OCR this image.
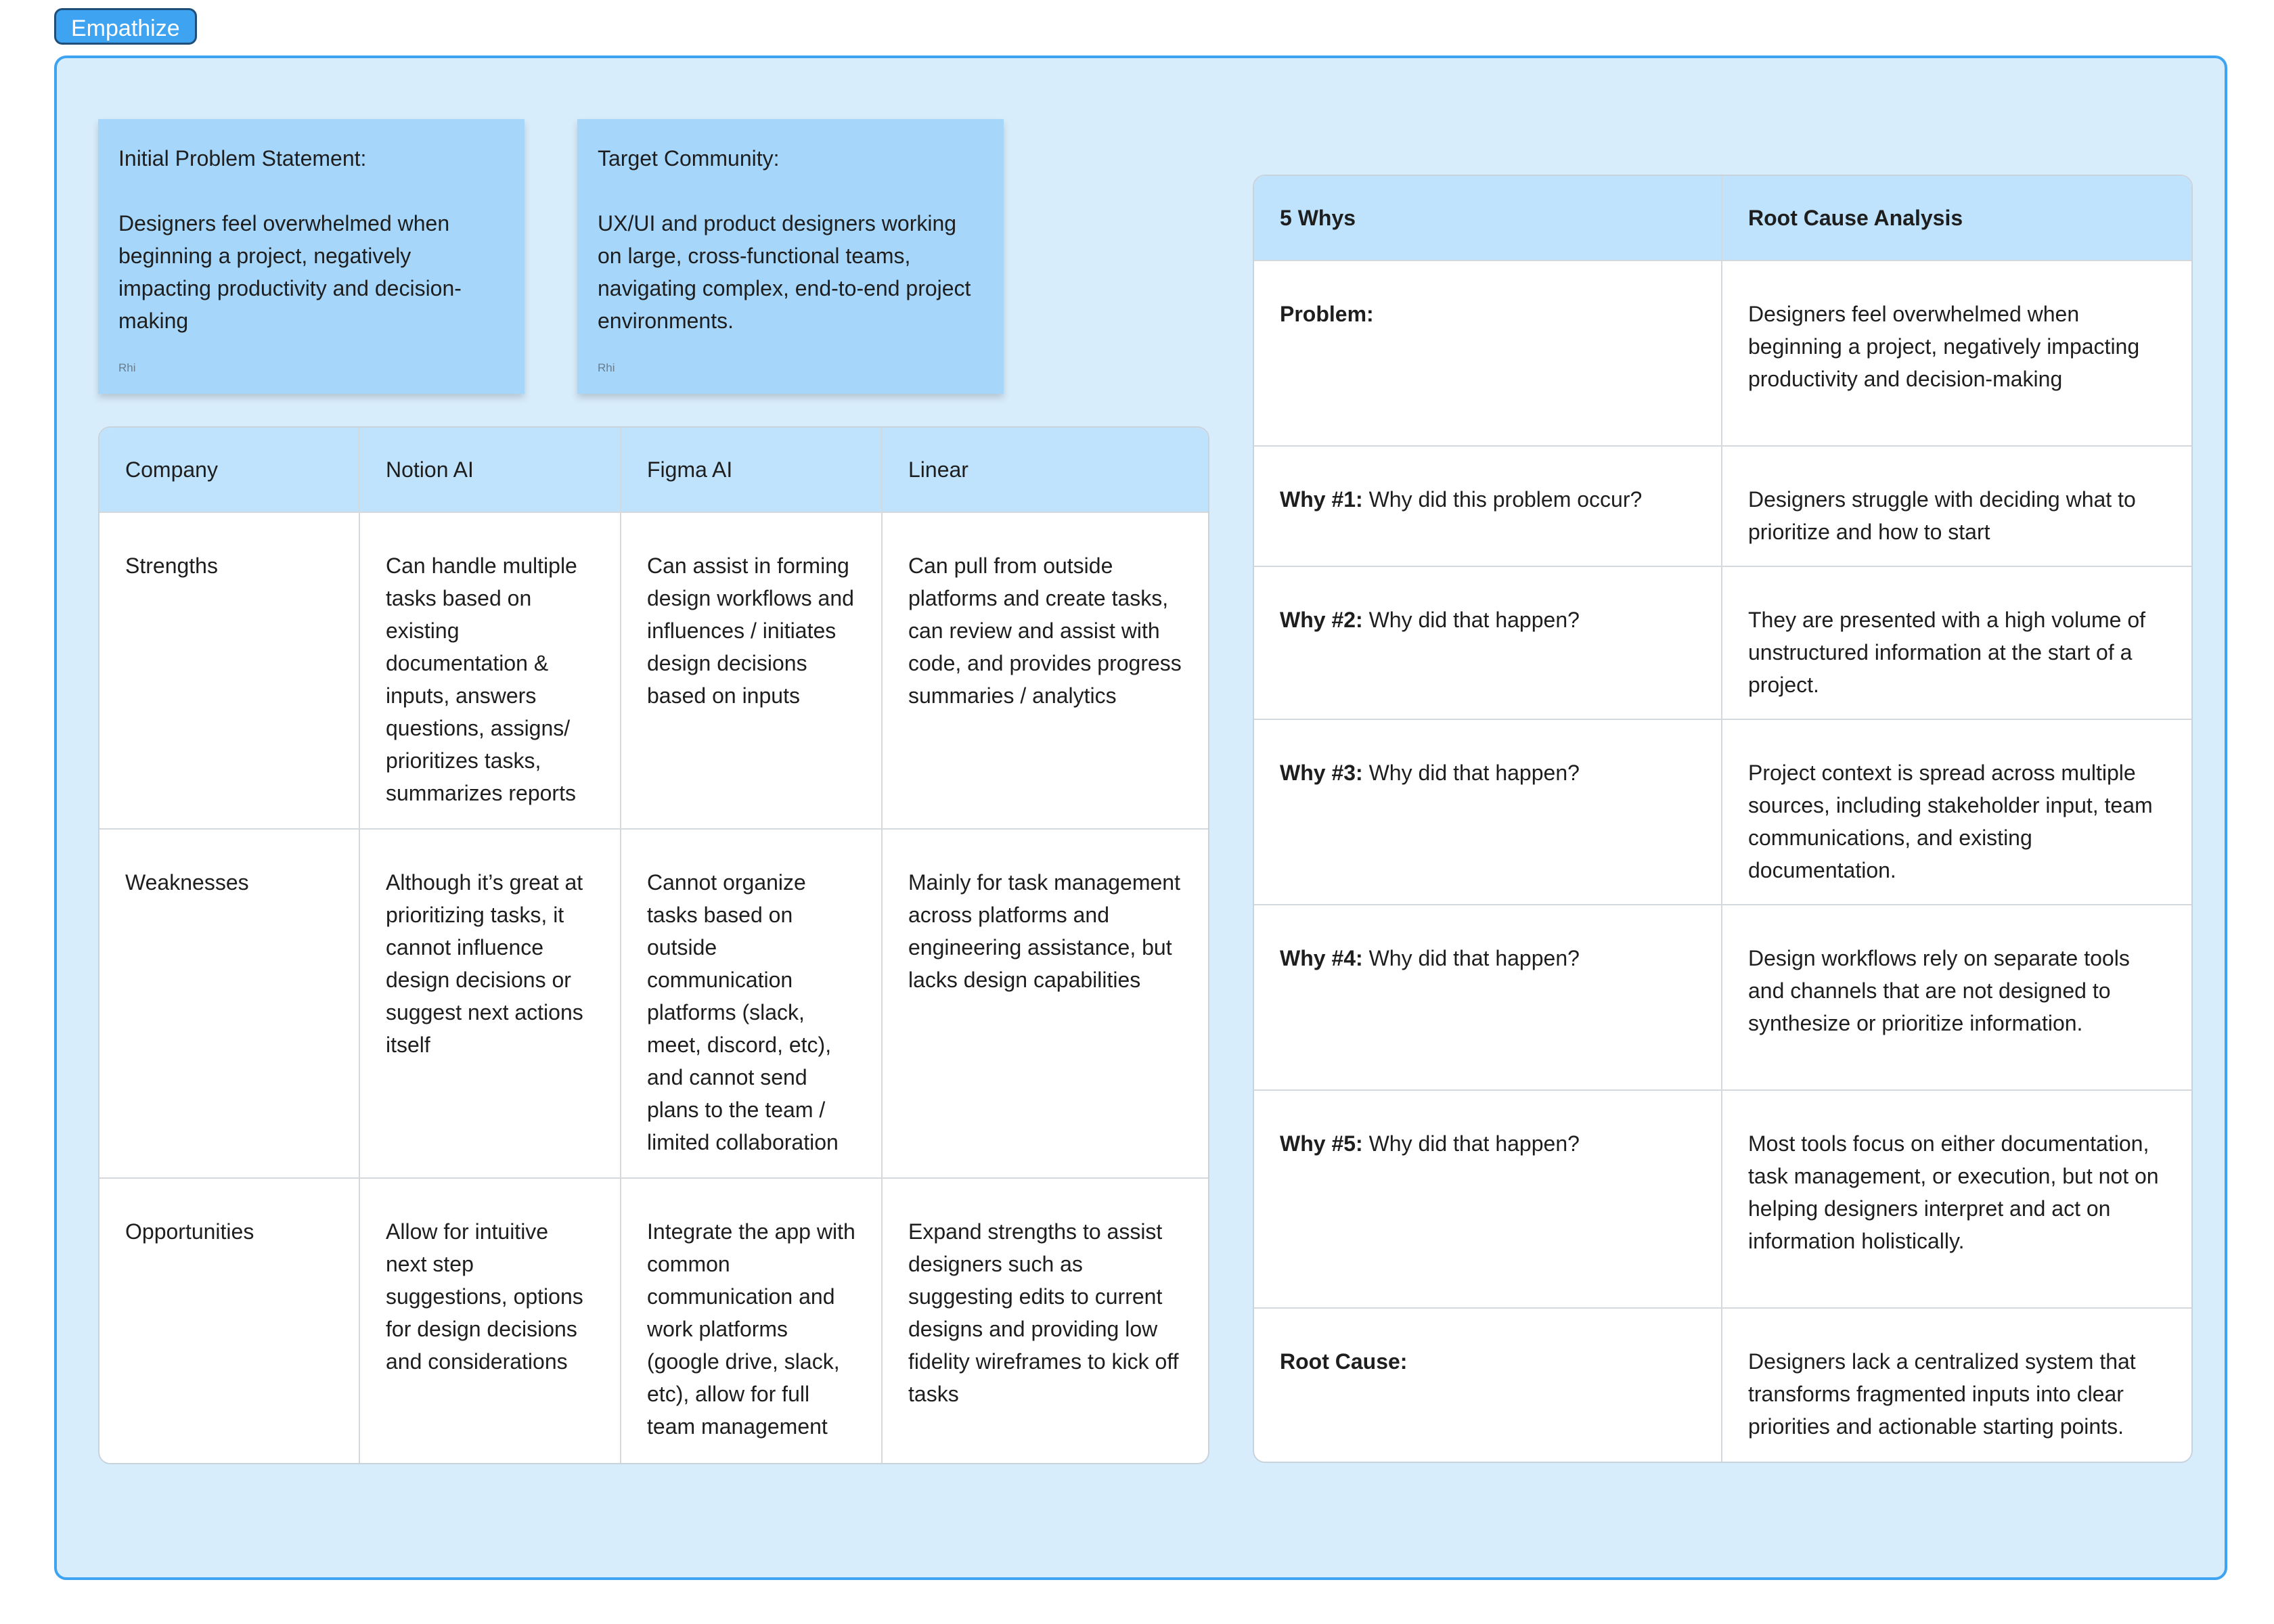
Empathize

Initial Problem Statement:

Designers feel overwhelmed when beginning a project, negatively impacting productivity and decision-making

Rhi

Target Community:

UX/UI and product designers working on large, cross-functional teams, navigating complex, end-to-end project environments.

Rhi
Company	Notion AI	Figma AI	Linear
Strengths	Can handle multiple tasks based on existing documentation & inputs, answers questions, assigns/ prioritizes tasks, summarizes reports	Can assist in forming design workflows and influences / initiates design decisions based on inputs	Can pull from outside platforms and create tasks, can review and assist with code, and provides progress summaries / analytics
Weaknesses	Although it’s great at prioritizing tasks, it cannot influence design decisions or suggest next actions itself	Cannot organize tasks based on outside communication platforms (slack, meet, discord, etc), and cannot send plans to the team / limited collaboration	Mainly for task management across platforms and engineering assistance, but lacks design capabilities
Opportunities	Allow for intuitive next step suggestions, options for design decisions and considerations	Integrate the app with common communication and work platforms (google drive, slack, etc), allow for full team management	Expand strengths to assist designers such as suggesting edits to current designs and providing low fidelity wireframes to kick off tasks
5 Whys	Root Cause Analysis
Problem:	Designers feel overwhelmed when beginning a project, negatively impacting productivity and decision-making
Why #1: Why did this problem occur?	Designers struggle with deciding what to prioritize and how to start
Why #2: Why did that happen?	They are presented with a high volume of unstructured information at the start of a project.
Why #3: Why did that happen?	Project context is spread across multiple sources, including stakeholder input, team communications, and existing documentation.
Why #4: Why did that happen?	Design workflows rely on separate tools and channels that are not designed to synthesize or prioritize information.
Why #5: Why did that happen?	Most tools focus on either documentation, task management, or execution, but not on helping designers interpret and act on information holistically.
Root Cause:	Designers lack a centralized system that transforms fragmented inputs into clear priorities and actionable starting points.
